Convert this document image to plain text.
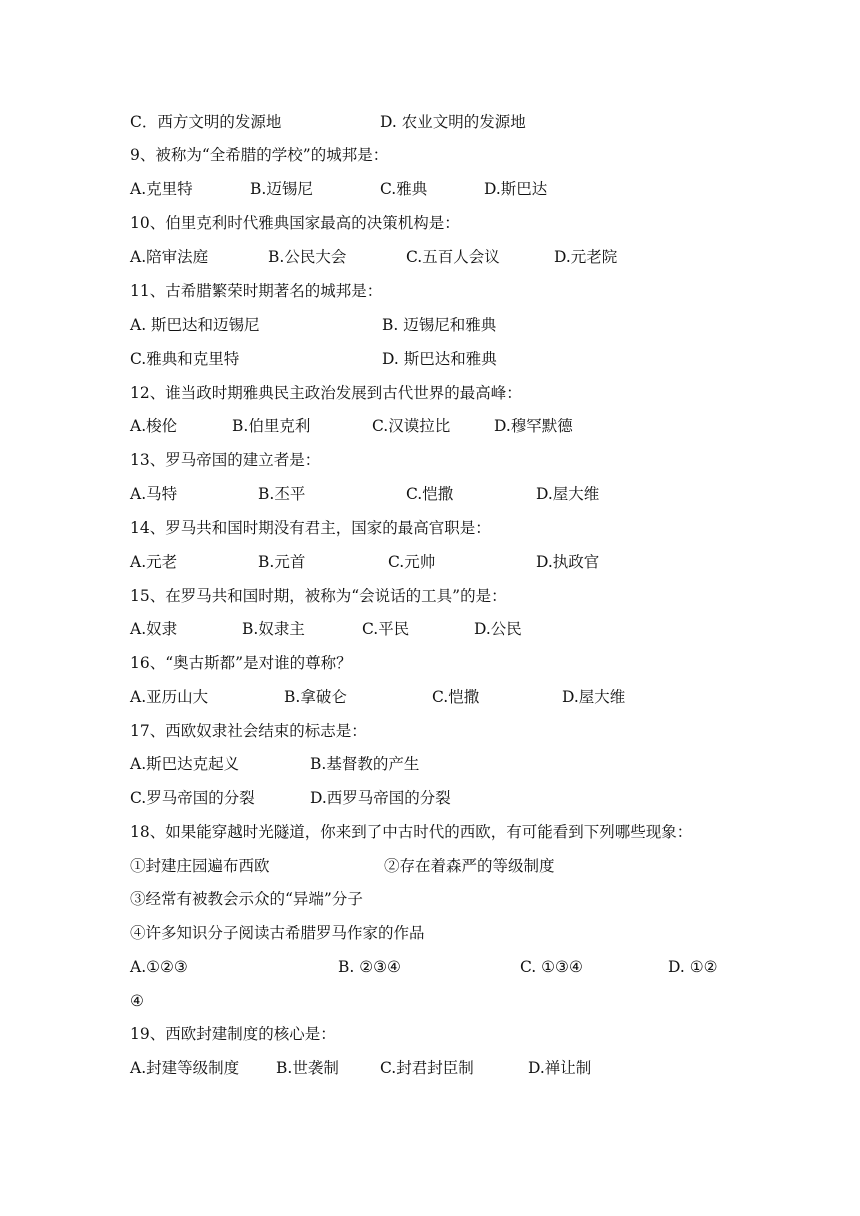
C．西方文明的发源地	D. 农业文明的发源地
9、被称为“全希腊的学校”的城邦是：
A.克里特	B.迈锡尼	C.雅典	D.斯巴达
10、伯里克利时代雅典国家最高的决策机构是：
A.陪审法庭	B.公民大会	C.五百人会议	D.元老院
11、古希腊繁荣时期著名的城邦是：
A. 斯巴达和迈锡尼	B. 迈锡尼和雅典
C.雅典和克里特	D. 斯巴达和雅典
12、谁当政时期雅典民主政治发展到古代世界的最高峰：
A.梭伦	B.伯里克利	C.汉谟拉比	D.穆罕默德
13、罗马帝国的建立者是：
A.马特	B.丕平	C.恺撒	D.屋大维
14、罗马共和国时期没有君主，国家的最高官职是：
A.元老	B.元首	C.元帅	D.执政官
15、在罗马共和国时期，被称为“会说话的工具”的是：
A.奴隶	B.奴隶主	C.平民	D.公民
16、“奥古斯都”是对谁的尊称？
A.亚历山大	B.拿破仑	C.恺撒	D.屋大维
17、西欧奴隶社会结束的标志是：
A.斯巴达克起义	B.基督教的产生
C.罗马帝国的分裂	D.西罗马帝国的分裂
18、如果能穿越时光隧道，你来到了中古时代的西欧，有可能看到下列哪些现象：
①封建庄园遍布西欧	②存在着森严的等级制度
③经常有被教会示众的“异端”分子
④许多知识分子阅读古希腊罗马作家的作品
A.①②③	B. ②③④	C. ①③④	D. ①②
④
19、西欧封建制度的核心是：
A.封建等级制度 B.世袭制	C.封君封臣制	D.禅让制
